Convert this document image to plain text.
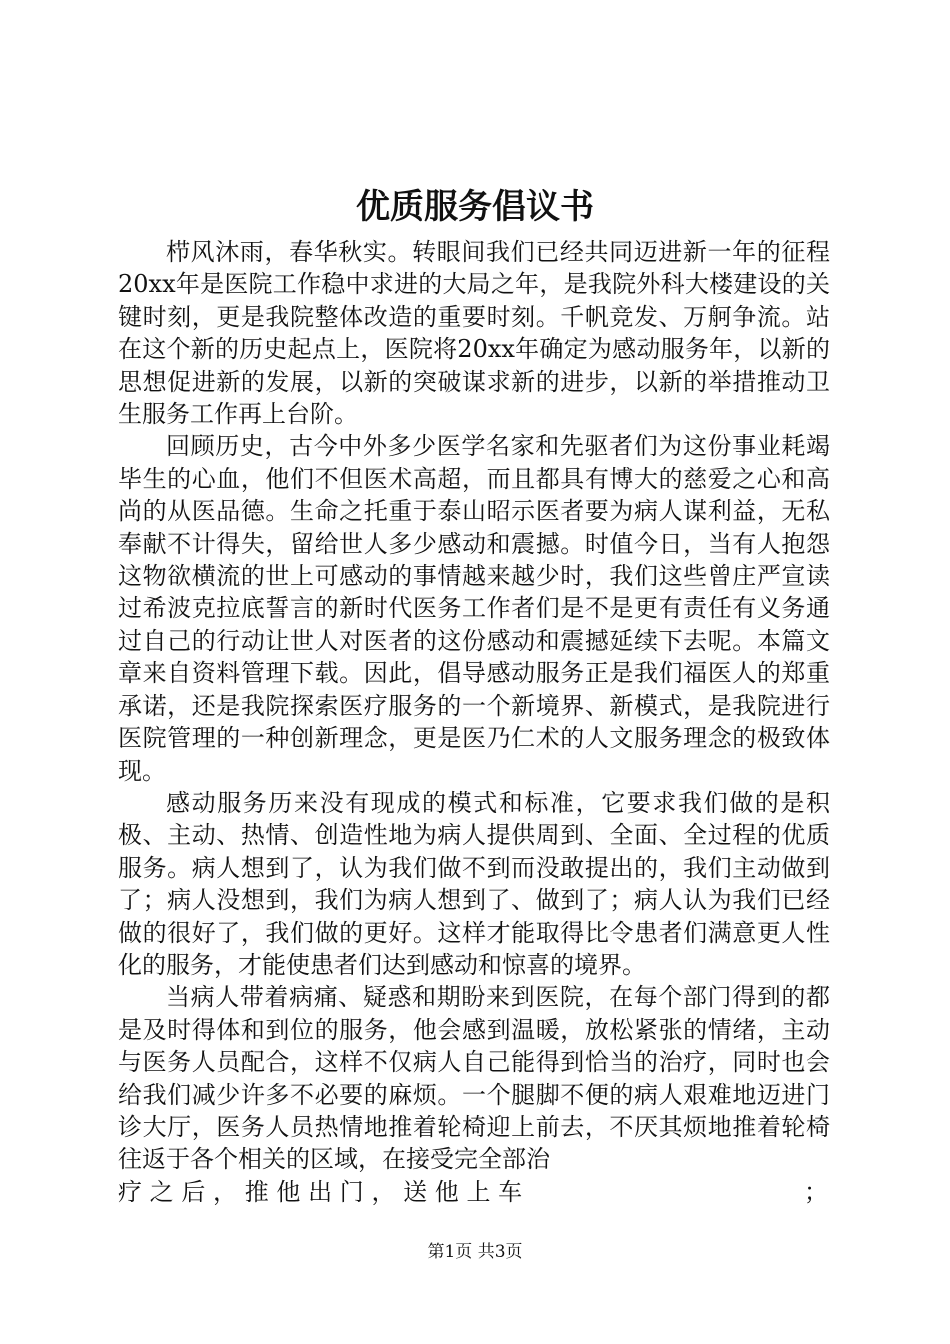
优质服务倡议书

栉风沐雨，春华秋实。转眼间我们已经共同迈进新一年的征程20xx年是医院工作稳中求进的大局之年，是我院外科大楼建设的关键时刻，更是我院整体改造的重要时刻。千帆竞发、万舸争流。站在这个新的历史起点上，医院将20xx年确定为感动服务年，以新的思想促进新的发展，以新的突破谋求新的进步，以新的举措推动卫生服务工作再上台阶。

回顾历史，古今中外多少医学名家和先驱者们为这份事业耗竭毕生的心血，他们不但医术高超，而且都具有博大的慈爱之心和高尚的从医品德。生命之托重于泰山昭示医者要为病人谋利益，无私奉献不计得失，留给世人多少感动和震撼。时值今日，当有人抱怨这物欲横流的世上可感动的事情越来越少时，我们这些曾庄严宣读过希波克拉底誓言的新时代医务工作者们是不是更有责任有义务通过自己的行动让世人对医者的这份感动和震撼延续下去呢。本篇文章来自资料管理下载。因此，倡导感动服务正是我们福医人的郑重承诺，还是我院探索医疗服务的一个新境界、新模式，是我院进行医院管理的一种创新理念，更是医乃仁术的人文服务理念的极致体现。

感动服务历来没有现成的模式和标准，它要求我们做的是积极、主动、热情、创造性地为病人提供周到、全面、全过程的优质服务。病人想到了，认为我们做不到而没敢提出的，我们主动做到了；病人没想到，我们为病人想到了、做到了；病人认为我们已经做的很好了，我们做的更好。这样才能取得比令患者们满意更人性化的服务，才能使患者们达到感动和惊喜的境界。

当病人带着病痛、疑惑和期盼来到医院，在每个部门得到的都是及时得体和到位的服务，他会感到温暖，放松紧张的情绪，主动与医务人员配合，这样不仅病人自己能得到恰当的治疗，同时也会给我们减少许多不必要的麻烦。一个腿脚不便的病人艰难地迈进门诊大厅，医务人员热情地推着轮椅迎上前去，不厌其烦地推着轮椅往返于各个相关的区域，在接受完全部治

疗之后，推他出门，送他上车	；
第1页 共3页
